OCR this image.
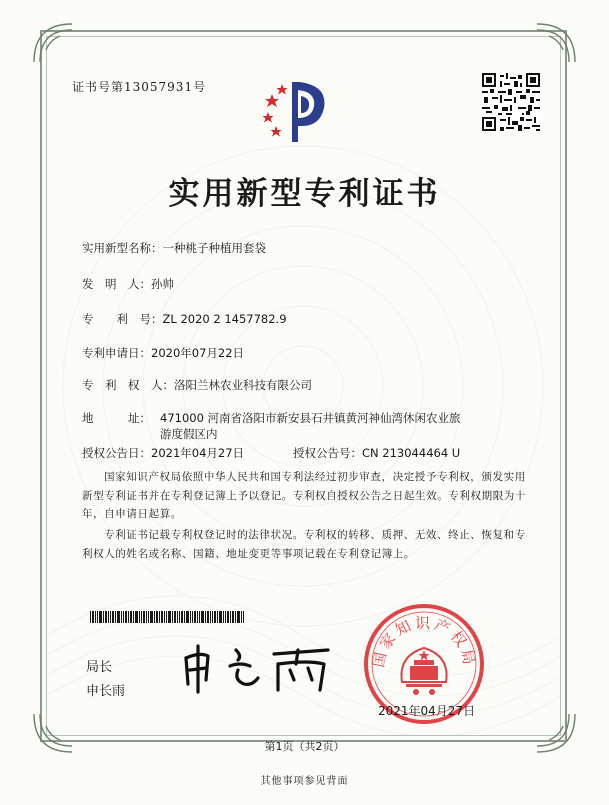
证书号第13057931号
实用新型专利证书
实用新型名称：一种桃子种植用套袋
发　明　人：孙帅
专　　利　号：ZL 2020 2 1457782.9
专利申请日：2020年07月22日
专　利　权　人：洛阳兰林农业科技有限公司
地　　　址： 471000 河南省洛阳市新安县石井镇黄河神仙湾休闲农业旅游度假区内
授权公告日：2021年04月27日	授权公告号：CN 213044464 U
国家知识产权局依照中华人民共和国专利法经过初步审查，决定授予专利权，颁发实用新型专利证书并在专利登记簿上予以登记。专利权自授权公告之日起生效。专利权期限为十年，自申请日起算。
专利证书记载专利权登记时的法律状况。专利权的转移、质押、无效、终止、恢复和专利权人的姓名或名称、国籍、地址变更等事项记载在专利登记簿上。
局长
申长雨
国家知识产权局
2021年04月27日
第1页（共2页）
其他事项参见背面
